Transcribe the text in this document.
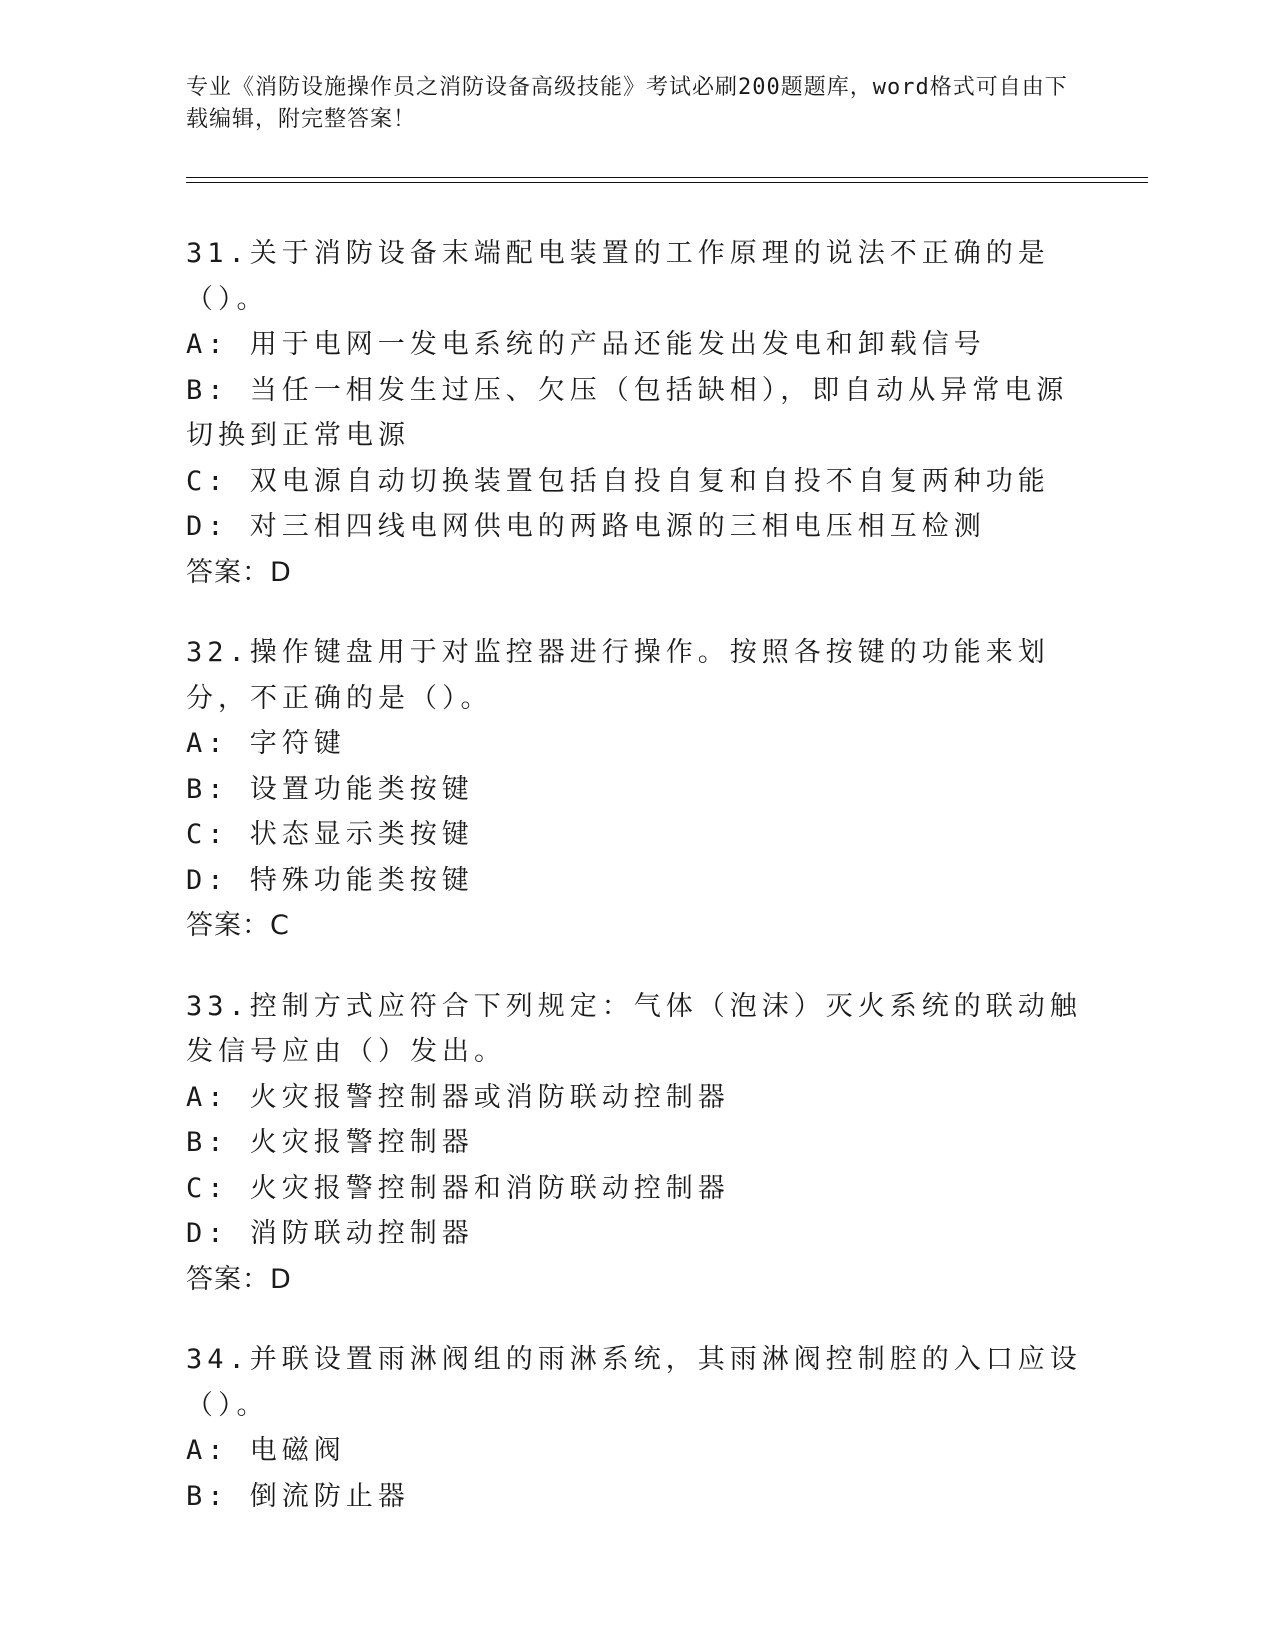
专业《消防设施操作员之消防设备高级技能》考试必刷200题题库，word格式可自由下载编辑，附完整答案！
31.关于消防设备末端配电装置的工作原理的说法不正确的是（）。
A: 用于电网一发电系统的产品还能发出发电和卸载信号
B: 当任一相发生过压、欠压（包括缺相），即自动从异常电源切换到正常电源
C: 双电源自动切换装置包括自投自复和自投不自复两种功能
D: 对三相四线电网供电的两路电源的三相电压相互检测
答案：D
32.操作键盘用于对监控器进行操作。按照各按键的功能来划分，不正确的是（）。
A: 字符键
B: 设置功能类按键
C: 状态显示类按键
D: 特殊功能类按键
答案：C
33.控制方式应符合下列规定：气体（泡沫）灭火系统的联动触发信号应由（）发出。
A: 火灾报警控制器或消防联动控制器
B: 火灾报警控制器
C: 火灾报警控制器和消防联动控制器
D: 消防联动控制器
答案：D
34.并联设置雨淋阀组的雨淋系统，其雨淋阀控制腔的入口应设（）。
A: 电磁阀
B: 倒流防止器
